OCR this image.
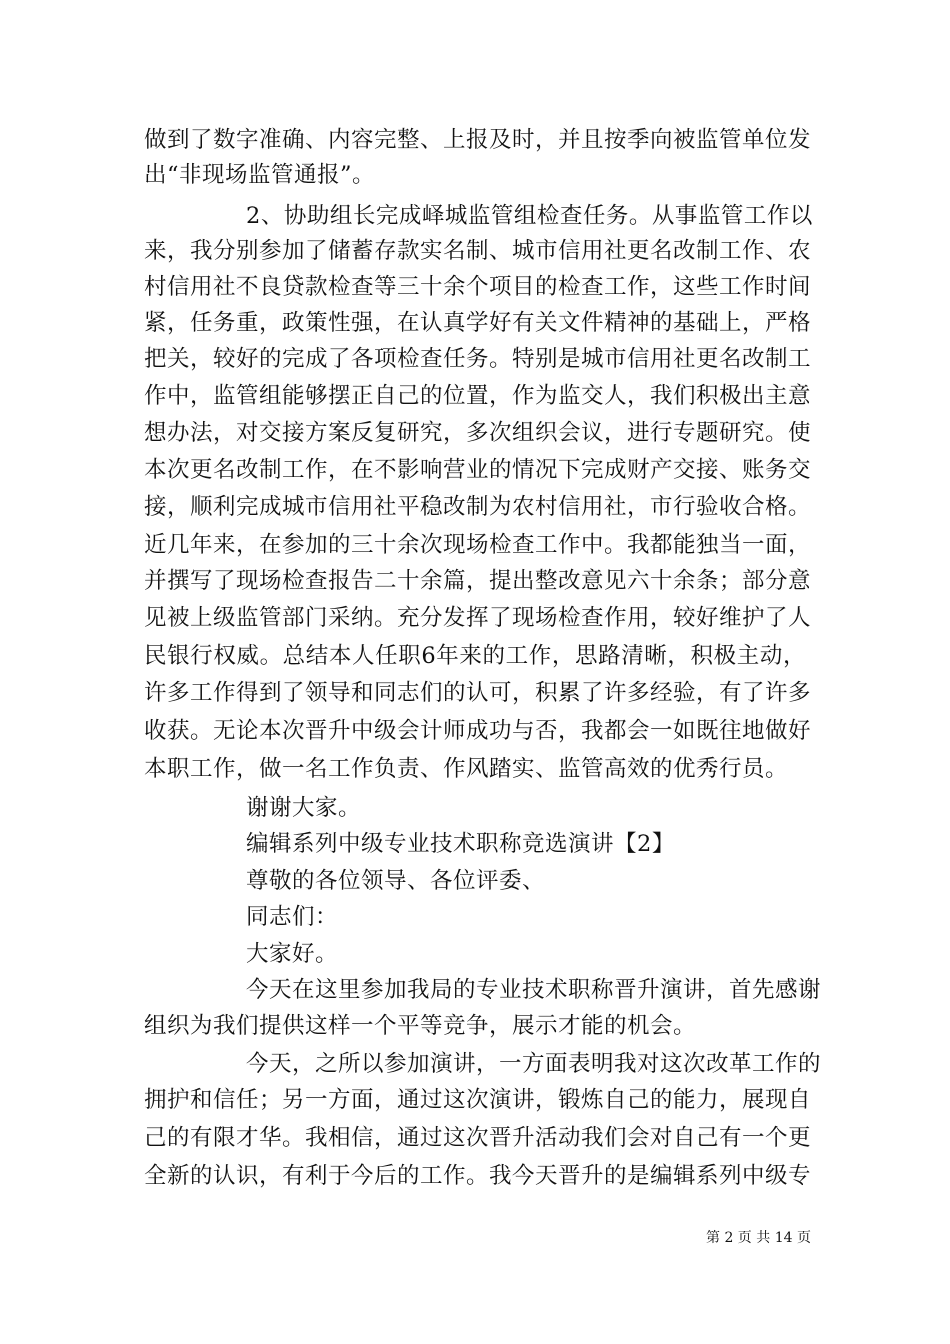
做到了数字准确、内容完整、上报及时，并且按季向被监管单位发
出“非现场监管通报”。
2、协助组长完成峄城监管组检查任务。从事监管工作以
来，我分别参加了储蓄存款实名制、城市信用社更名改制工作、农
村信用社不良贷款检查等三十余个项目的检查工作，这些工作时间
紧，任务重，政策性强，在认真学好有关文件精神的基础上，严格
把关，较好的完成了各项检查任务。特别是城市信用社更名改制工
作中，监管组能够摆正自己的位置，作为监交人，我们积极出主意
想办法，对交接方案反复研究，多次组织会议，进行专题研究。使
本次更名改制工作，在不影响营业的情况下完成财产交接、账务交
接，顺利完成城市信用社平稳改制为农村信用社，市行验收合格。
近几年来，在参加的三十余次现场检查工作中。我都能独当一面，
并撰写了现场检查报告二十余篇，提出整改意见六十余条；部分意
见被上级监管部门采纳。充分发挥了现场检查作用，较好维护了人
民银行权威。总结本人任职6年来的工作，思路清晰，积极主动，
许多工作得到了领导和同志们的认可，积累了许多经验，有了许多
收获。无论本次晋升中级会计师成功与否，我都会一如既往地做好
本职工作，做一名工作负责、作风踏实、监管高效的优秀行员。
谢谢大家。
编辑系列中级专业技术职称竞选演讲【2】
尊敬的各位领导、各位评委、
同志们：
大家好。
今天在这里参加我局的专业技术职称晋升演讲，首先感谢
组织为我们提供这样一个平等竞争，展示才能的机会。
今天，之所以参加演讲，一方面表明我对这次改革工作的
拥护和信任；另一方面，通过这次演讲，锻炼自己的能力，展现自
己的有限才华。我相信，通过这次晋升活动我们会对自己有一个更
全新的认识，有利于今后的工作。我今天晋升的是编辑系列中级专
第 2 页 共 14 页
